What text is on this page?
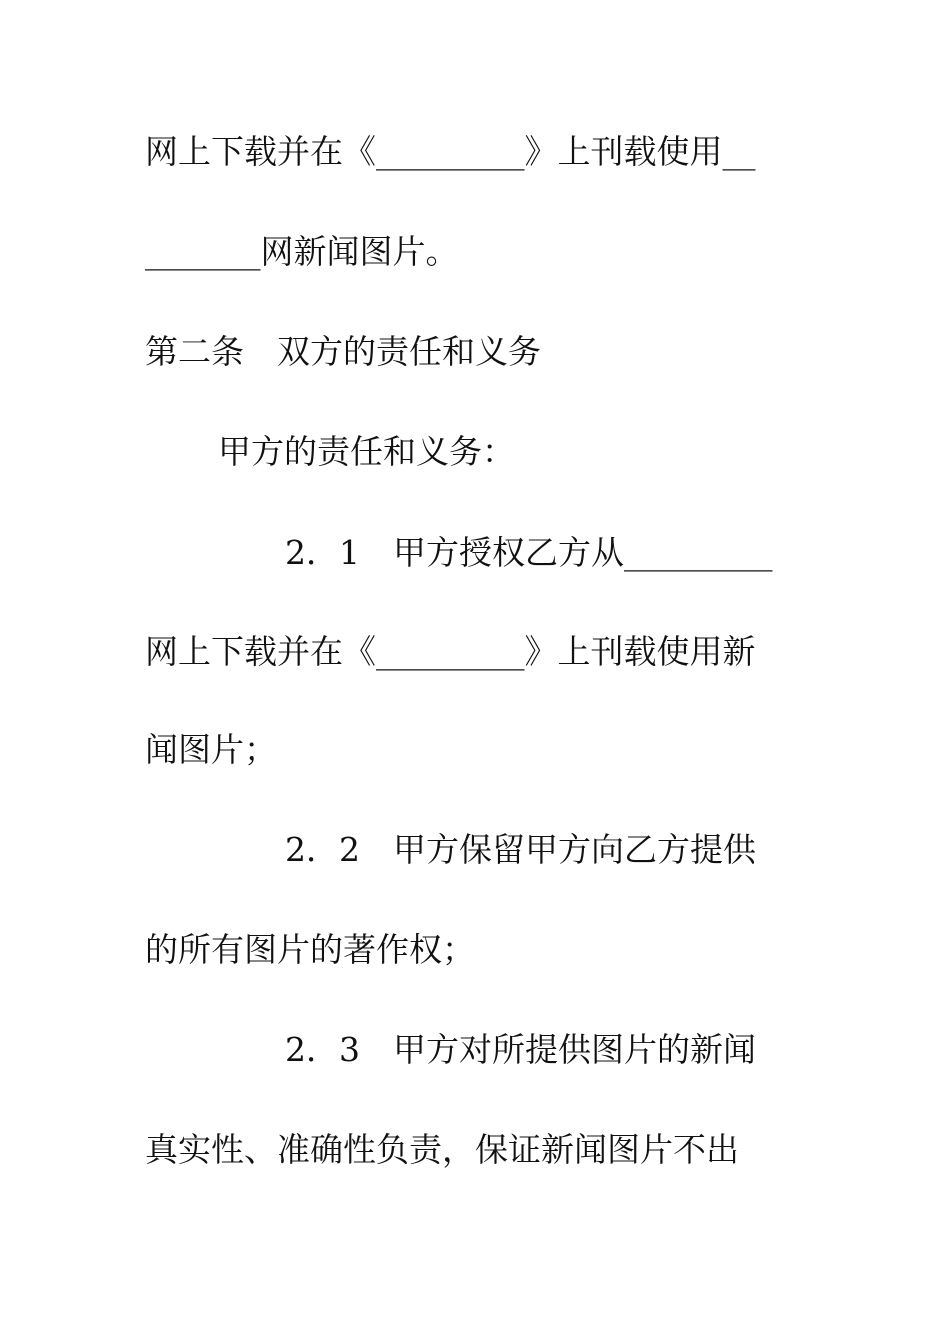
网上下载并在《_________》上刊载使用__
_______网新闻图片。
第二条　双方的责任和义务
甲方的责任和义务：
2．1　甲方授权乙方从_________
网上下载并在《_________》上刊载使用新
闻图片；
2．2　甲方保留甲方向乙方提供
的所有图片的著作权；
2．3　甲方对所提供图片的新闻
真实性、准确性负责，保证新闻图片不出
